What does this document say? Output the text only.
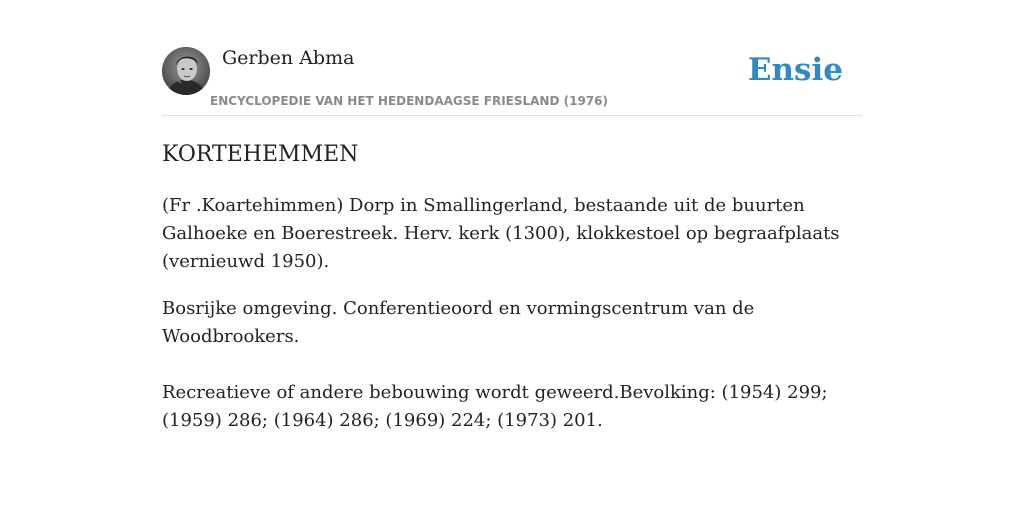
Gerben Abma
ENCYCLOPEDIE VAN HET HEDENDAAGSE FRIESLAND (1976)
Ensie
KORTEHEMMEN

(Fr .Koartehimmen) Dorp in Smallingerland, bestaande uit de buurten Galhoeke en Boerestreek. Herv. kerk (1300), klokkestoel op begraafplaats (vernieuwd 1950).

Bosrijke omgeving. Conferentieoord en vormingscentrum van de Woodbrookers.

Recreatieve of andere bebouwing wordt geweerd.Bevolking: (1954) 299; (1959) 286; (1964) 286; (1969) 224; (1973) 201.
